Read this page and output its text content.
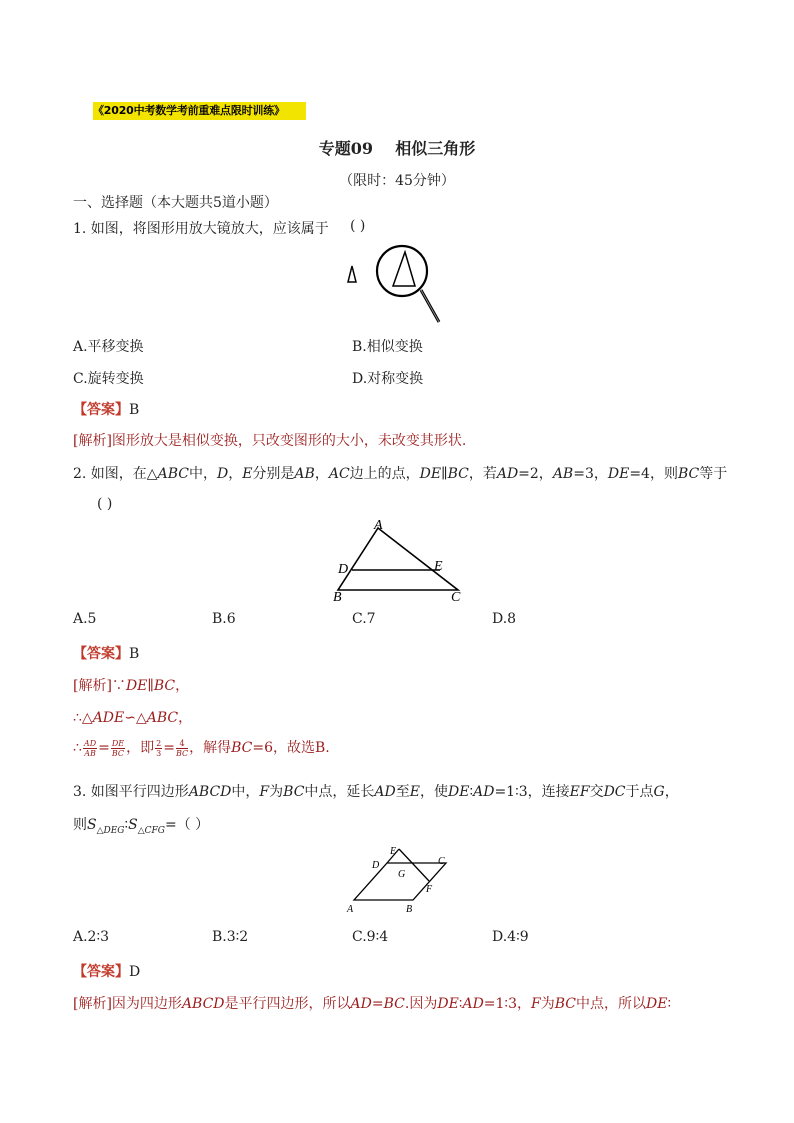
《2020中考数学考前重难点限时训练》
专题09    相似三角形
（限时：45分钟）
一、选择题（本大题共5道小题）
1. 如图，将图形用放大镜放大，应该属于 ( )
A.平移变换	B.相似变换
C.旋转变换	D.对称变换
【答案】B
[解析]图形放大是相似变换，只改变图形的大小，未改变其形状.
2. 如图，在△ABC中，D，E分别是AB，AC边上的点，DE∥BC，若AD=2，AB=3，DE=4，则BC等于
( )
A
D	E
B	C
A.5	B.6	C.7	D.8
【答案】B
[解析]∵DE∥BC，
∴△ADE∽△ABC，
∴ $\frac{AD}{AB} = \frac{DE}{BC}$ ，即 $\frac{2}{3} = \frac{4}{BC}$ ，解得BC=6，故选B.
3. 如图平行四边形ABCD中，F为BC中点，延长AD至E，使DE∶AD=1∶3，连接EF交DC于点G，
则$S_{\triangle DEG}∶S_{\triangle CFG}=$（ ）
E
D	C
G
F
A	B
A.2∶3	B.3∶2	C.9∶4	D.4∶9
【答案】D
[解析]因为四边形ABCD是平行四边形，所以AD=BC.因为DE∶AD=1∶3，F为BC中点，所以DE∶
